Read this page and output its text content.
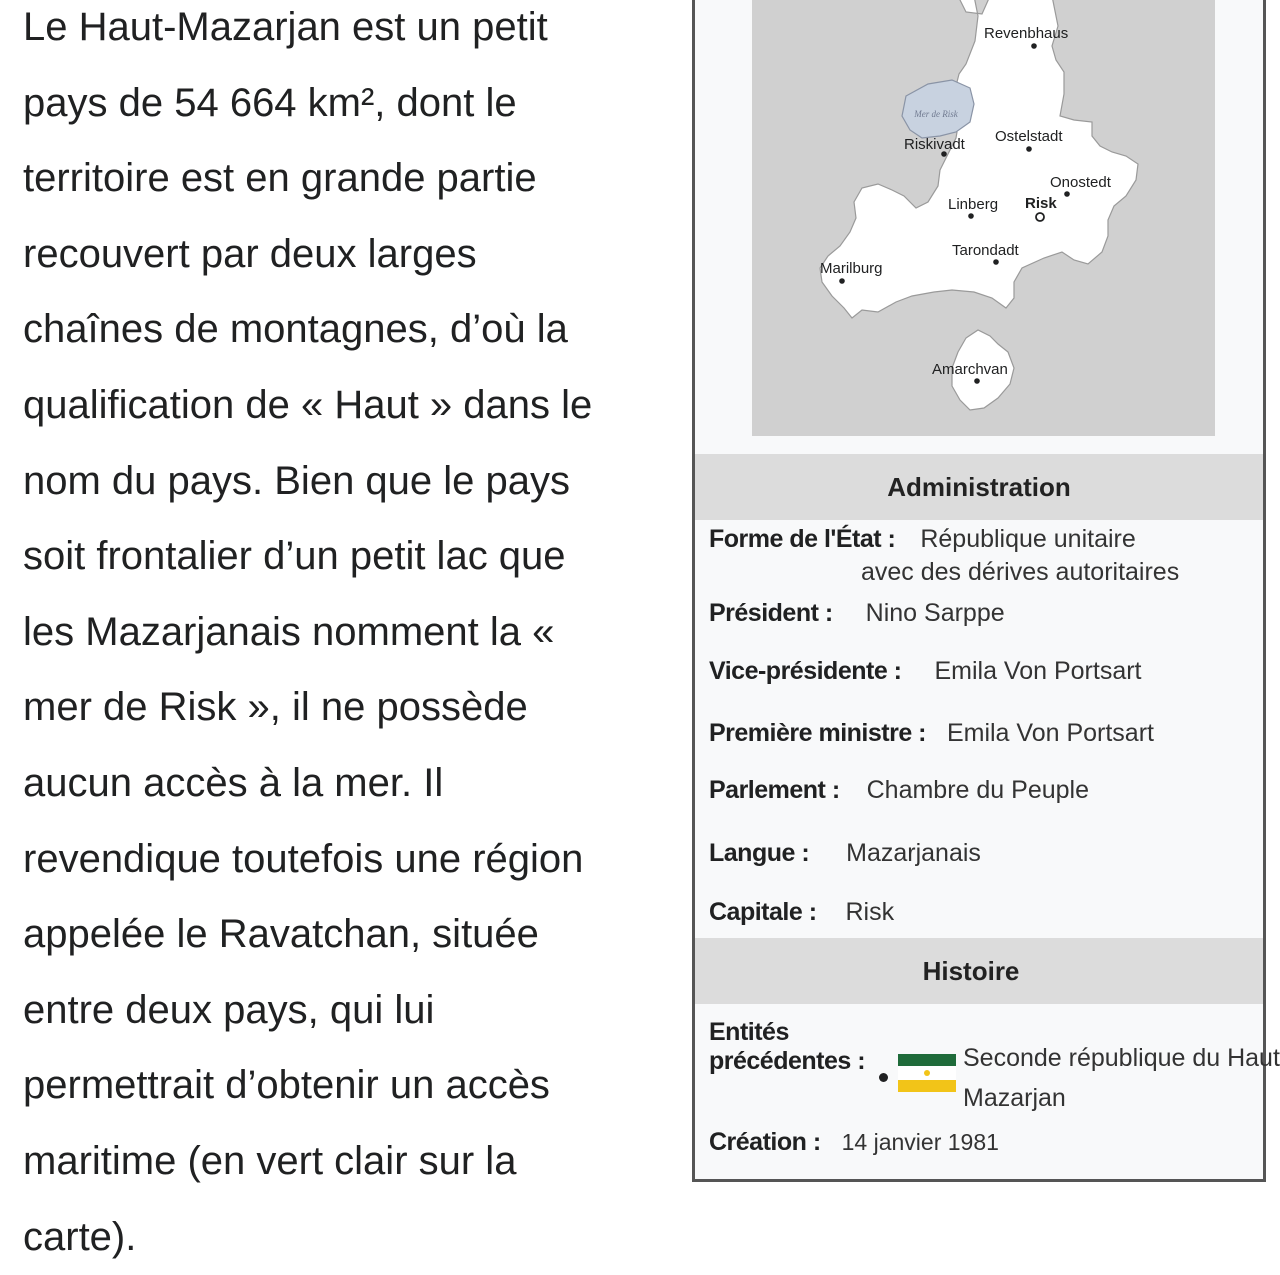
Le Haut-Mazarjan est un petit
pays de 54 664 km², dont le
territoire est en grande partie
recouvert par deux larges
chaînes de montagnes, d’où la
qualification de « Haut » dans le
nom du pays. Bien que le pays
soit frontalier d’un petit lac que
les Mazarjanais nomment la «
mer de Risk », il ne possède
aucun accès à la mer. Il
revendique toutefois une région
appelée le Ravatchan, située
entre deux pays, qui lui
permettrait d’obtenir un accès
maritime (en vert clair sur la
carte).
Mer de Risk
Revenbhaus
Riskivadt Ostelstadt
Onostedt
Linberg Risk
Tarondadt
Marilburg
Amarchvan
Administration
Forme de l'État : République unitaire
avec des dérives autoritaires
Président : Nino Sarppe
Vice-présidente : Emila Von Portsart
Première ministre : Emila Von Portsart
Parlement : Chambre du Peuple
Langue : Mazarjanais
Capitale : Risk
Histoire
Entités
précédentes :	Seconde république du Haut
Mazarjan
Création : 14 janvier 1981
